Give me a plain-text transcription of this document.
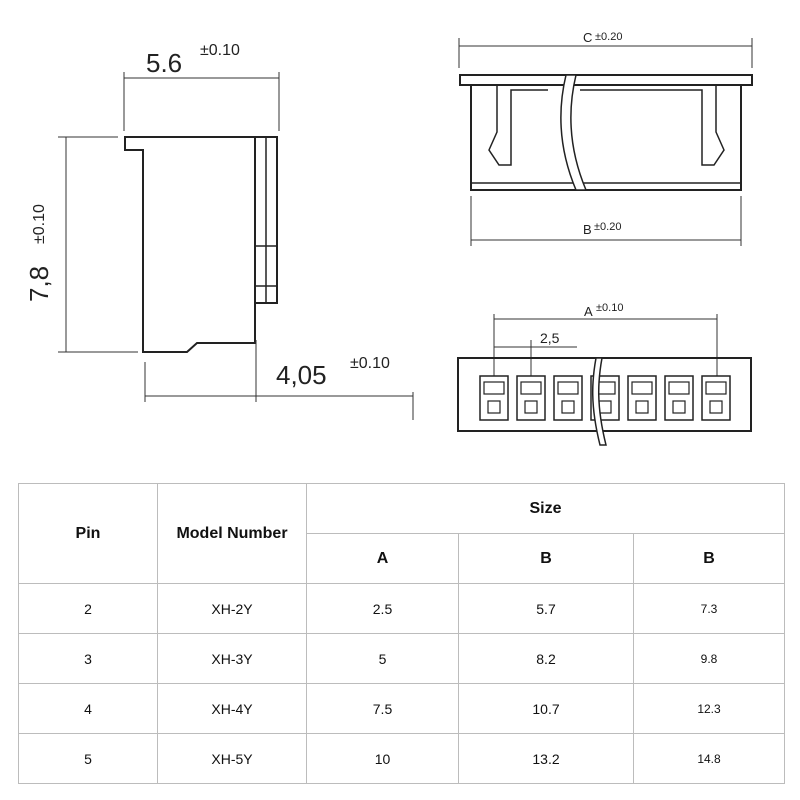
5.6 ±0.10
7,8
±0.10
4,05 ±0.10
C ±0.20
B ±0.20
A ±0.10
2,5
Pin	Model Number	Size		
		A	B	B
2	XH-2Y	2.5	5.7	7.3
3	XH-3Y	5	8.2	9.8
4	XH-4Y	7.5	10.7	12.3
5	XH-5Y	10	13.2	14.8
